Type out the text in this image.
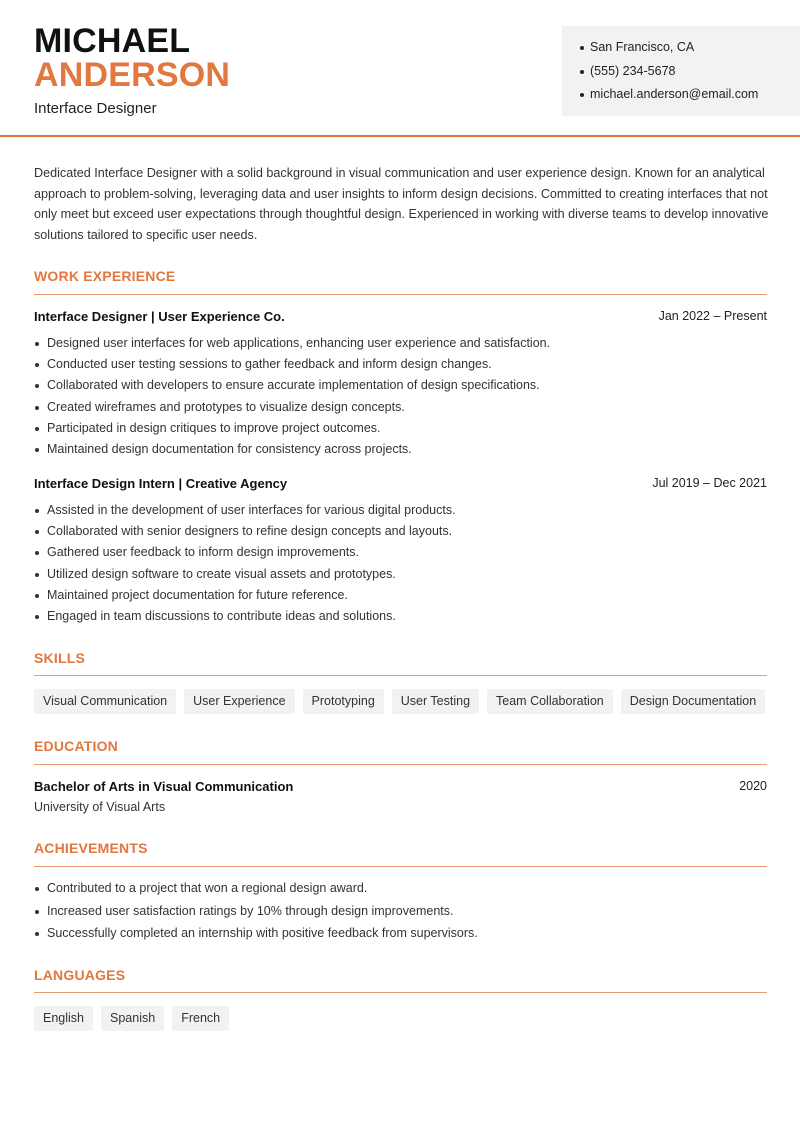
MICHAEL
ANDERSON
Interface Designer
San Francisco, CA
(555) 234-5678
michael.anderson@email.com

Dedicated Interface Designer with a solid background in visual communication and user experience design. Known for an analytical approach to problem-solving, leveraging data and user insights to inform design decisions. Committed to creating interfaces that not only meet but exceed user expectations through thoughtful design. Experienced in working with diverse teams to develop innovative solutions tailored to specific user needs.

WORK EXPERIENCE
Interface Designer | User Experience Co.	Jan 2022 – Present
Designed user interfaces for web applications, enhancing user experience and satisfaction.
Conducted user testing sessions to gather feedback and inform design changes.
Collaborated with developers to ensure accurate implementation of design specifications.
Created wireframes and prototypes to visualize design concepts.
Participated in design critiques to improve project outcomes.
Maintained design documentation for consistency across projects.
Interface Design Intern | Creative Agency	Jul 2019 – Dec 2021
Assisted in the development of user interfaces for various digital products.
Collaborated with senior designers to refine design concepts and layouts.
Gathered user feedback to inform design improvements.
Utilized design software to create visual assets and prototypes.
Maintained project documentation for future reference.
Engaged in team discussions to contribute ideas and solutions.
SKILLS
Visual Communication	User Experience	Prototyping	User Testing	Team Collaboration	Design Documentation
EDUCATION
Bachelor of Arts in Visual Communication	2020
University of Visual Arts
ACHIEVEMENTS
Contributed to a project that won a regional design award.
Increased user satisfaction ratings by 10% through design improvements.
Successfully completed an internship with positive feedback from supervisors.
LANGUAGES
English	Spanish	French
